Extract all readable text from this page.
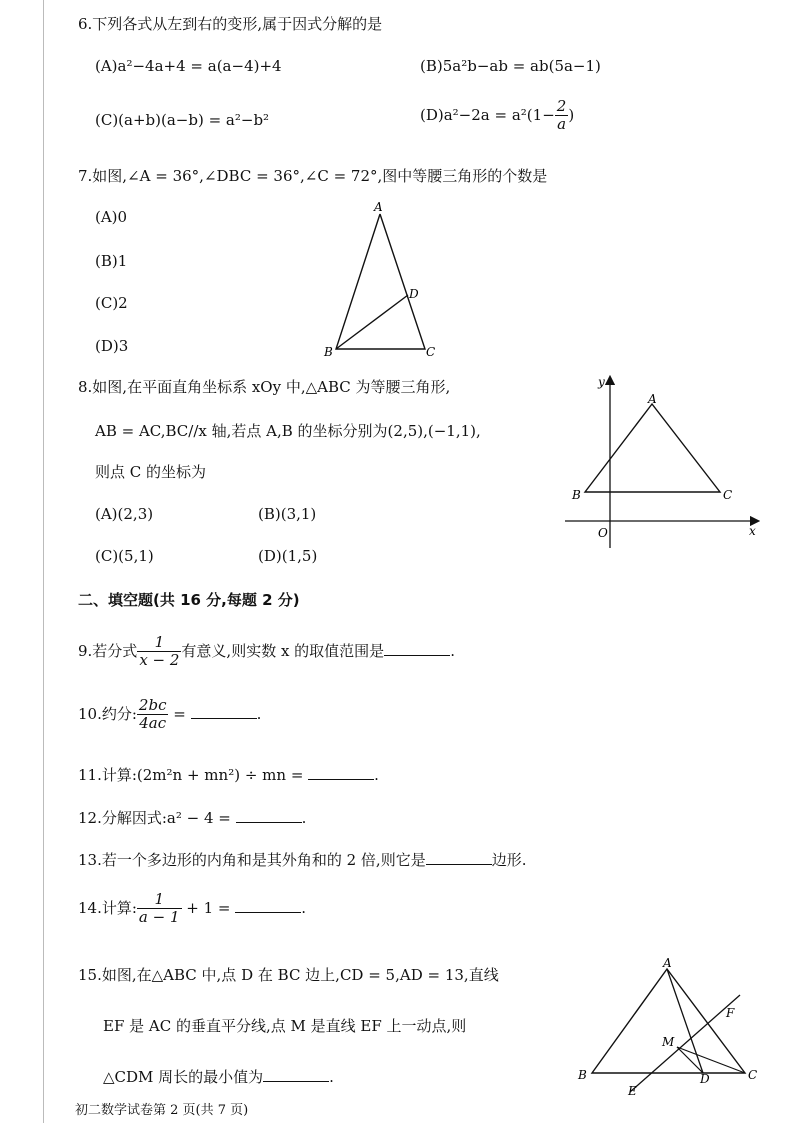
6.下列各式从左到右的变形,属于因式分解的是
(A)a²−4a+4 = a(a−4)+4	(B)5a²b−ab = ab(5a−1)
(C)(a+b)(a−b) = a²−b²	$(D)a^2-2a = a^2(1- \frac{2}{a}$ )
7.如图,∠A = 36°,∠DBC = 36°,∠C = 72°,图中等腰三角形的个数是
(A)0
(B)1
(C)2
(D)3
A
B	C
D
8.如图,在平面直角坐标系 xOy 中,△ABC 为等腰三角形,
AB = AC,BC//x 轴,若点 A,B 的坐标分别为(2,5),(−1,1),
则点 C 的坐标为
(A)(2,3)	(B)(3,1)
(C)(5,1)	(D)(1,5)
y
x
O
A
B	C
二、填空题(共 16 分,每题 2 分)
9.若分式 $\frac{1}{x - 2}$ 有意义,则实数 x 的取值范围是	.
10.约分: $\frac{2bc}{4ac}$ =	.
11.计算:(2m²n + mn²) ÷ mn =	.
12.分解因式:a² − 4 =	.
13.若一个多边形的内角和是其外角和的 2 倍,则它是	边形.
14.计算: $\frac{1}{a - 1} + 1$ =	.
15.如图,在△ABC 中,点 D 在 BC 边上,CD = 5,AD = 13,直线
EF 是 AC 的垂直平分线,点 M 是直线 EF 上一动点,则
△CDM 周长的最小值为	.
A
B	C
D
E
F
M
初二数学试卷第 2 页(共 7 页)
